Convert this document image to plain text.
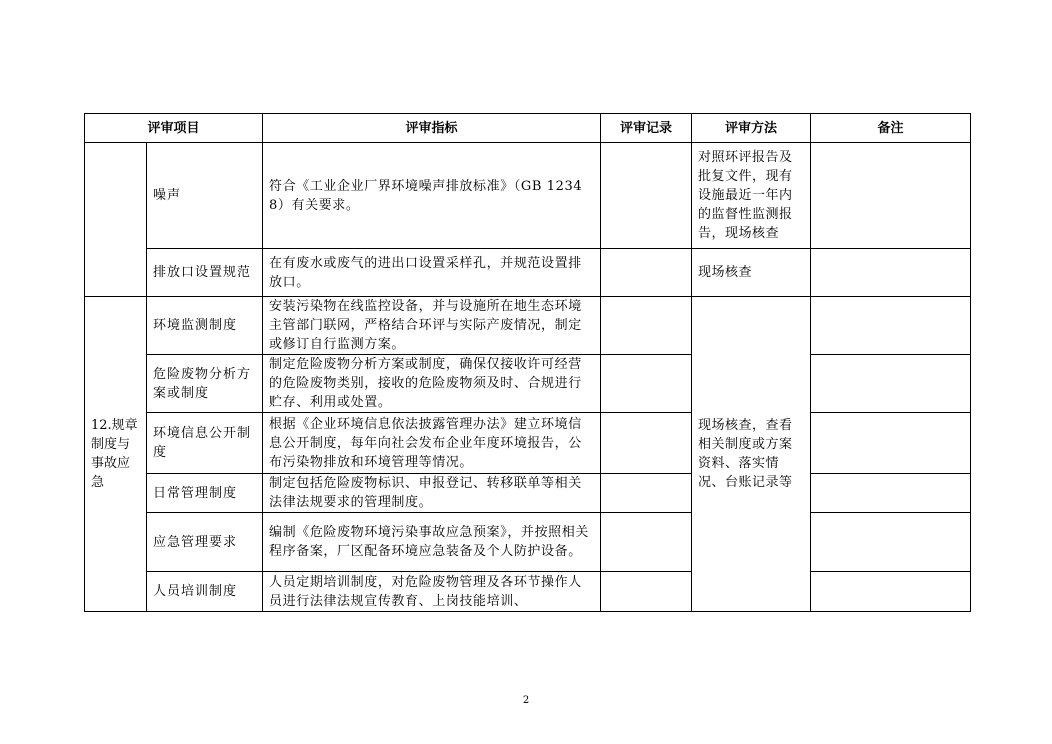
评审项目		评审指标	评审记录	评审方法	备注
	噪声	符合《工业企业厂界环境噪声排放标准》（GB 12348）有关要求。		对照环评报告及批复文件，现有设施最近一年内的监督性监测报告，现场核查	
	排放口设置规范	在有废水或废气的进出口设置采样孔，并规范设置排放口。		现场核查	
12.规章制度与事故应急	环境监测制度	安装污染物在线监控设备，并与设施所在地生态环境主管部门联网，严格结合环评与实际产废情况，制定或修订自行监测方案。		现场核查，查看相关制度或方案资料、落实情况、台账记录等	
	危险废物分析方案或制度	制定危险废物分析方案或制度，确保仅接收许可经营的危险废物类别，接收的危险废物须及时、合规进行贮存、利用或处置。			
	环境信息公开制度	根据《企业环境信息依法披露管理办法》建立环境信息公开制度，每年向社会发布企业年度环境报告，公布污染物排放和环境管理等情况。			
	日常管理制度	制定包括危险废物标识、申报登记、转移联单等相关法律法规要求的管理制度。			
	应急管理要求	编制《危险废物环境污染事故应急预案》，并按照相关程序备案，厂区配备环境应急装备及个人防护设备。			
	人员培训制度	人员定期培训制度，对危险废物管理及各环节操作人员进行法律法规宣传教育、上岗技能培训、			
2
